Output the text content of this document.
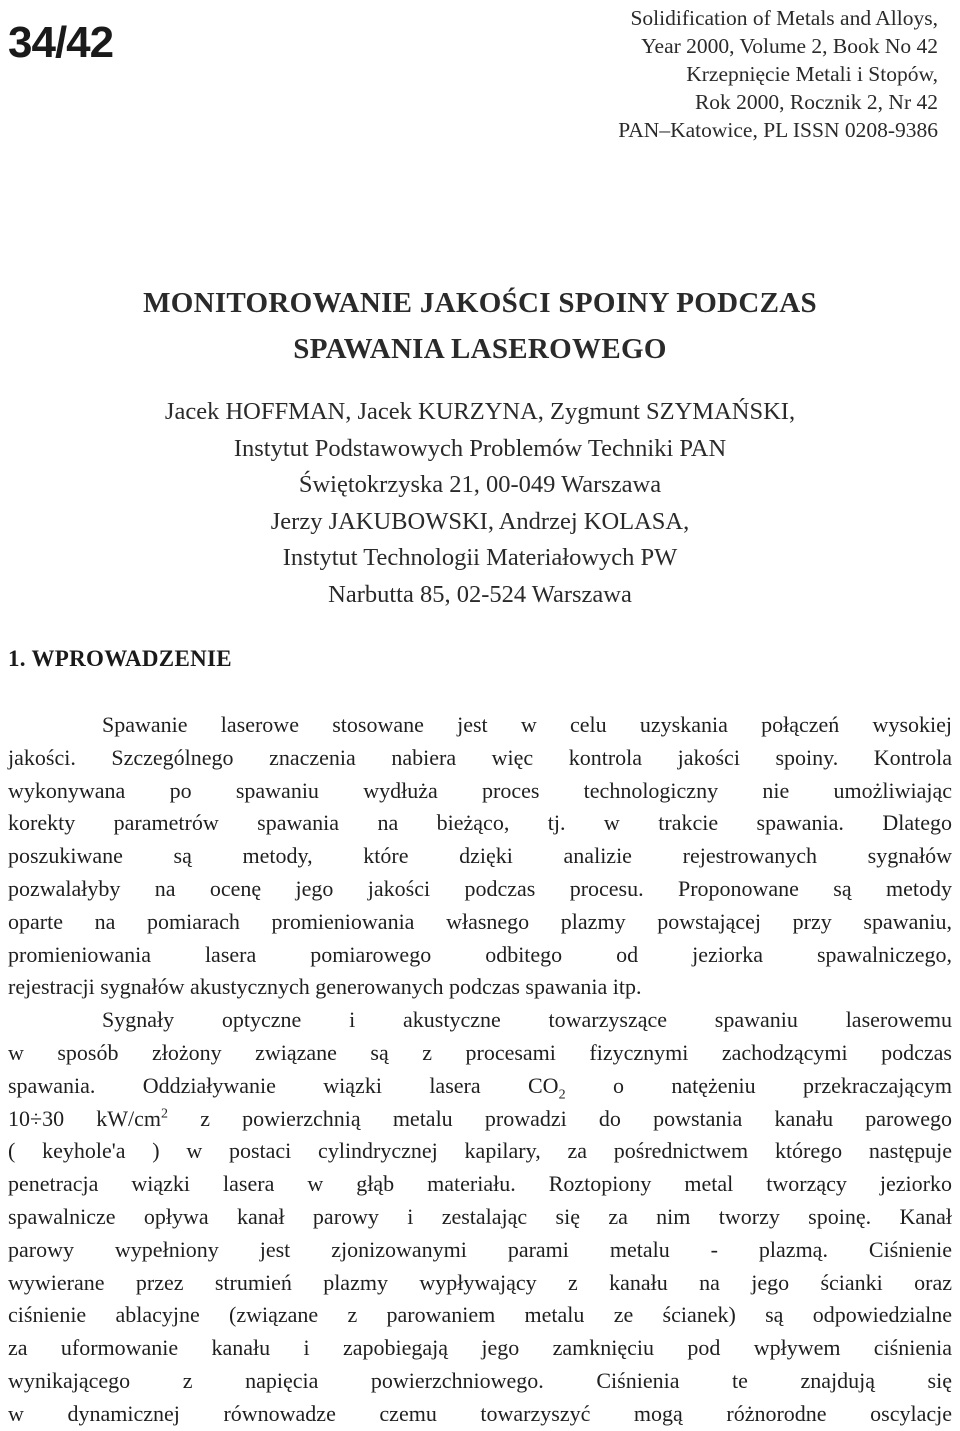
34/42	Solidification of Metals and Alloys,
Year 2000, Volume 2, Book No 42
Krzepnięcie Metali i Stopów,
Rok 2000, Rocznik 2, Nr 42
PAN–Katowice, PL ISSN 0208-9386
MONITOROWANIE JAKOŚCI SPOINY PODCZAS
SPAWANIA LASEROWEGO
Jacek HOFFMAN, Jacek KURZYNA, Zygmunt SZYMAŃSKI,
Instytut Podstawowych Problemów Techniki PAN
Świętokrzyska 21, 00-049 Warszawa
Jerzy JAKUBOWSKI, Andrzej KOLASA,
Instytut Technologii Materiałowych PW
Narbutta 85, 02-524 Warszawa
1. WPROWADZENIE
Spawanie laserowe stosowane jest w celu uzyskania połączeń wysokiej
jakości. Szczególnego znaczenia nabiera więc kontrola jakości spoiny. Kontrola
wykonywana po spawaniu wydłuża proces technologiczny nie umożliwiając
korekty parametrów spawania na bieżąco, tj. w trakcie spawania. Dlatego
poszukiwane są metody, które dzięki analizie rejestrowanych sygnałów
pozwalałyby na ocenę jego jakości podczas procesu. Proponowane są metody
oparte na pomiarach promieniowania własnego plazmy powstającej przy spawaniu,
promieniowania lasera pomiarowego odbitego od jeziorka spawalniczego,
rejestracji sygnałów akustycznych generowanych podczas spawania itp.
Sygnały optyczne i akustyczne towarzyszące spawaniu laserowemu
w sposób złożony związane są z procesami fizycznymi zachodzącymi podczas
spawania. Oddziaływanie wiązki lasera $CO_2$ o natężeniu przekraczającym
10÷30 $kW/cm^2$ z powierzchnią metalu prowadzi do powstania kanału parowego
( keyhole'a ) w postaci cylindrycznej kapilary, za pośrednictwem którego następuje
penetracja wiązki lasera w głąb materiału. Roztopiony metal tworzący jeziorko
spawalnicze opływa kanał parowy i zestalając się za nim tworzy spoinę. Kanał
parowy wypełniony jest zjonizowanymi parami metalu - plazmą. Ciśnienie
wywierane przez strumień plazmy wypływający z kanału na jego ścianki oraz
ciśnienie ablacyjne (związane z parowaniem metalu ze ścianek) są odpowiedzialne
za uformowanie kanału i zapobiegają jego zamknięciu pod wpływem ciśnienia
wynikającego z napięcia powierzchniowego. Ciśnienia te znajdują się
w dynamicznej równowadze czemu towarzyszyć mogą różnorodne oscylacje
